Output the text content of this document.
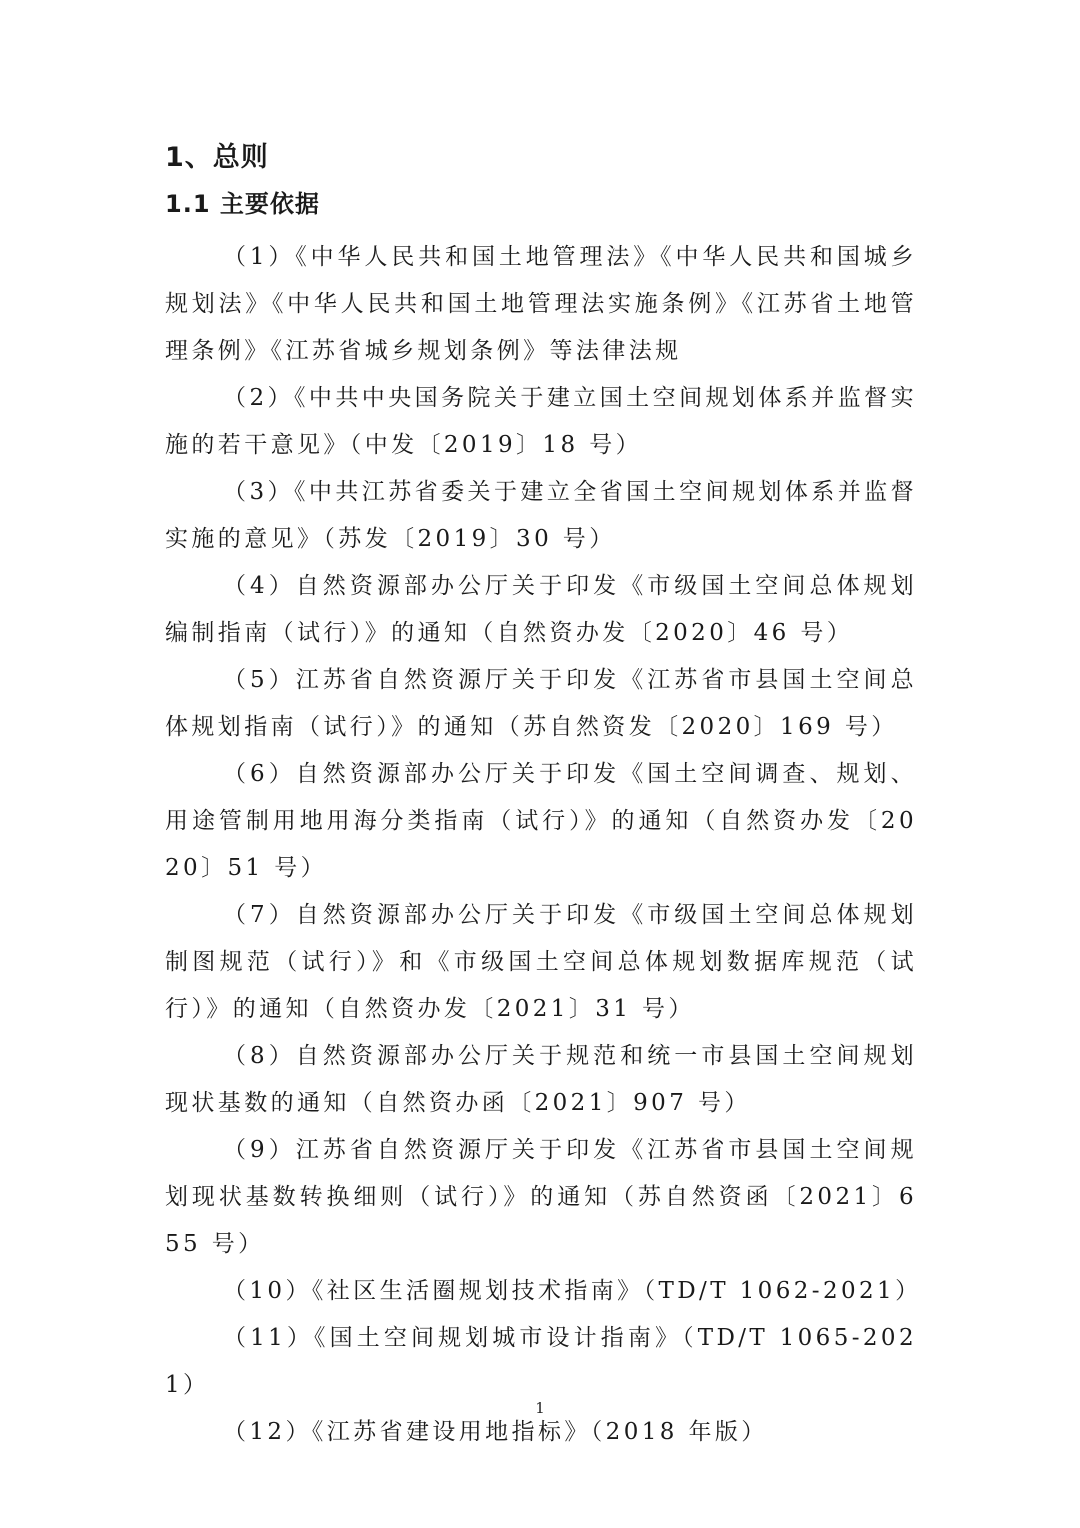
1、总则
1.1 主要依据

（1）《中华人民共和国土地管理法》《中华人民共和国城乡规划法》《中华人民共和国土地管理法实施条例》《江苏省土地管理条例》《江苏省城乡规划条例》等法律法规

（2）《中共中央国务院关于建立国土空间规划体系并监督实施的若干意见》（中发〔2019〕18 号）

（3）《中共江苏省委关于建立全省国土空间规划体系并监督实施的意见》（苏发〔2019〕30 号）

（4）自然资源部办公厅关于印发《市级国土空间总体规划编制指南（试行）》的通知（自然资办发〔2020〕46 号）

（5）江苏省自然资源厅关于印发《江苏省市县国土空间总体规划指南（试行）》的通知（苏自然资发〔2020〕169 号）

（6）自然资源部办公厅关于印发《国土空间调查、规划、用途管制用地用海分类指南（试行）》的通知（自然资办发〔2020〕51 号）

（7）自然资源部办公厅关于印发《市级国土空间总体规划制图规范（试行）》和《市级国土空间总体规划数据库规范（试行）》的通知（自然资办发〔2021〕31 号）

（8）自然资源部办公厅关于规范和统一市县国土空间规划现状基数的通知（自然资办函〔2021〕907 号）

（9）江苏省自然资源厅关于印发《江苏省市县国土空间规划现状基数转换细则（试行）》的通知（苏自然资函〔2021〕655 号）

（10）《社区生活圈规划技术指南》（TD/T 1062-2021）

（11）《国土空间规划城市设计指南》（TD/T 1065-2021）

（12）《江苏省建设用地指标》（2018 年版）

1
